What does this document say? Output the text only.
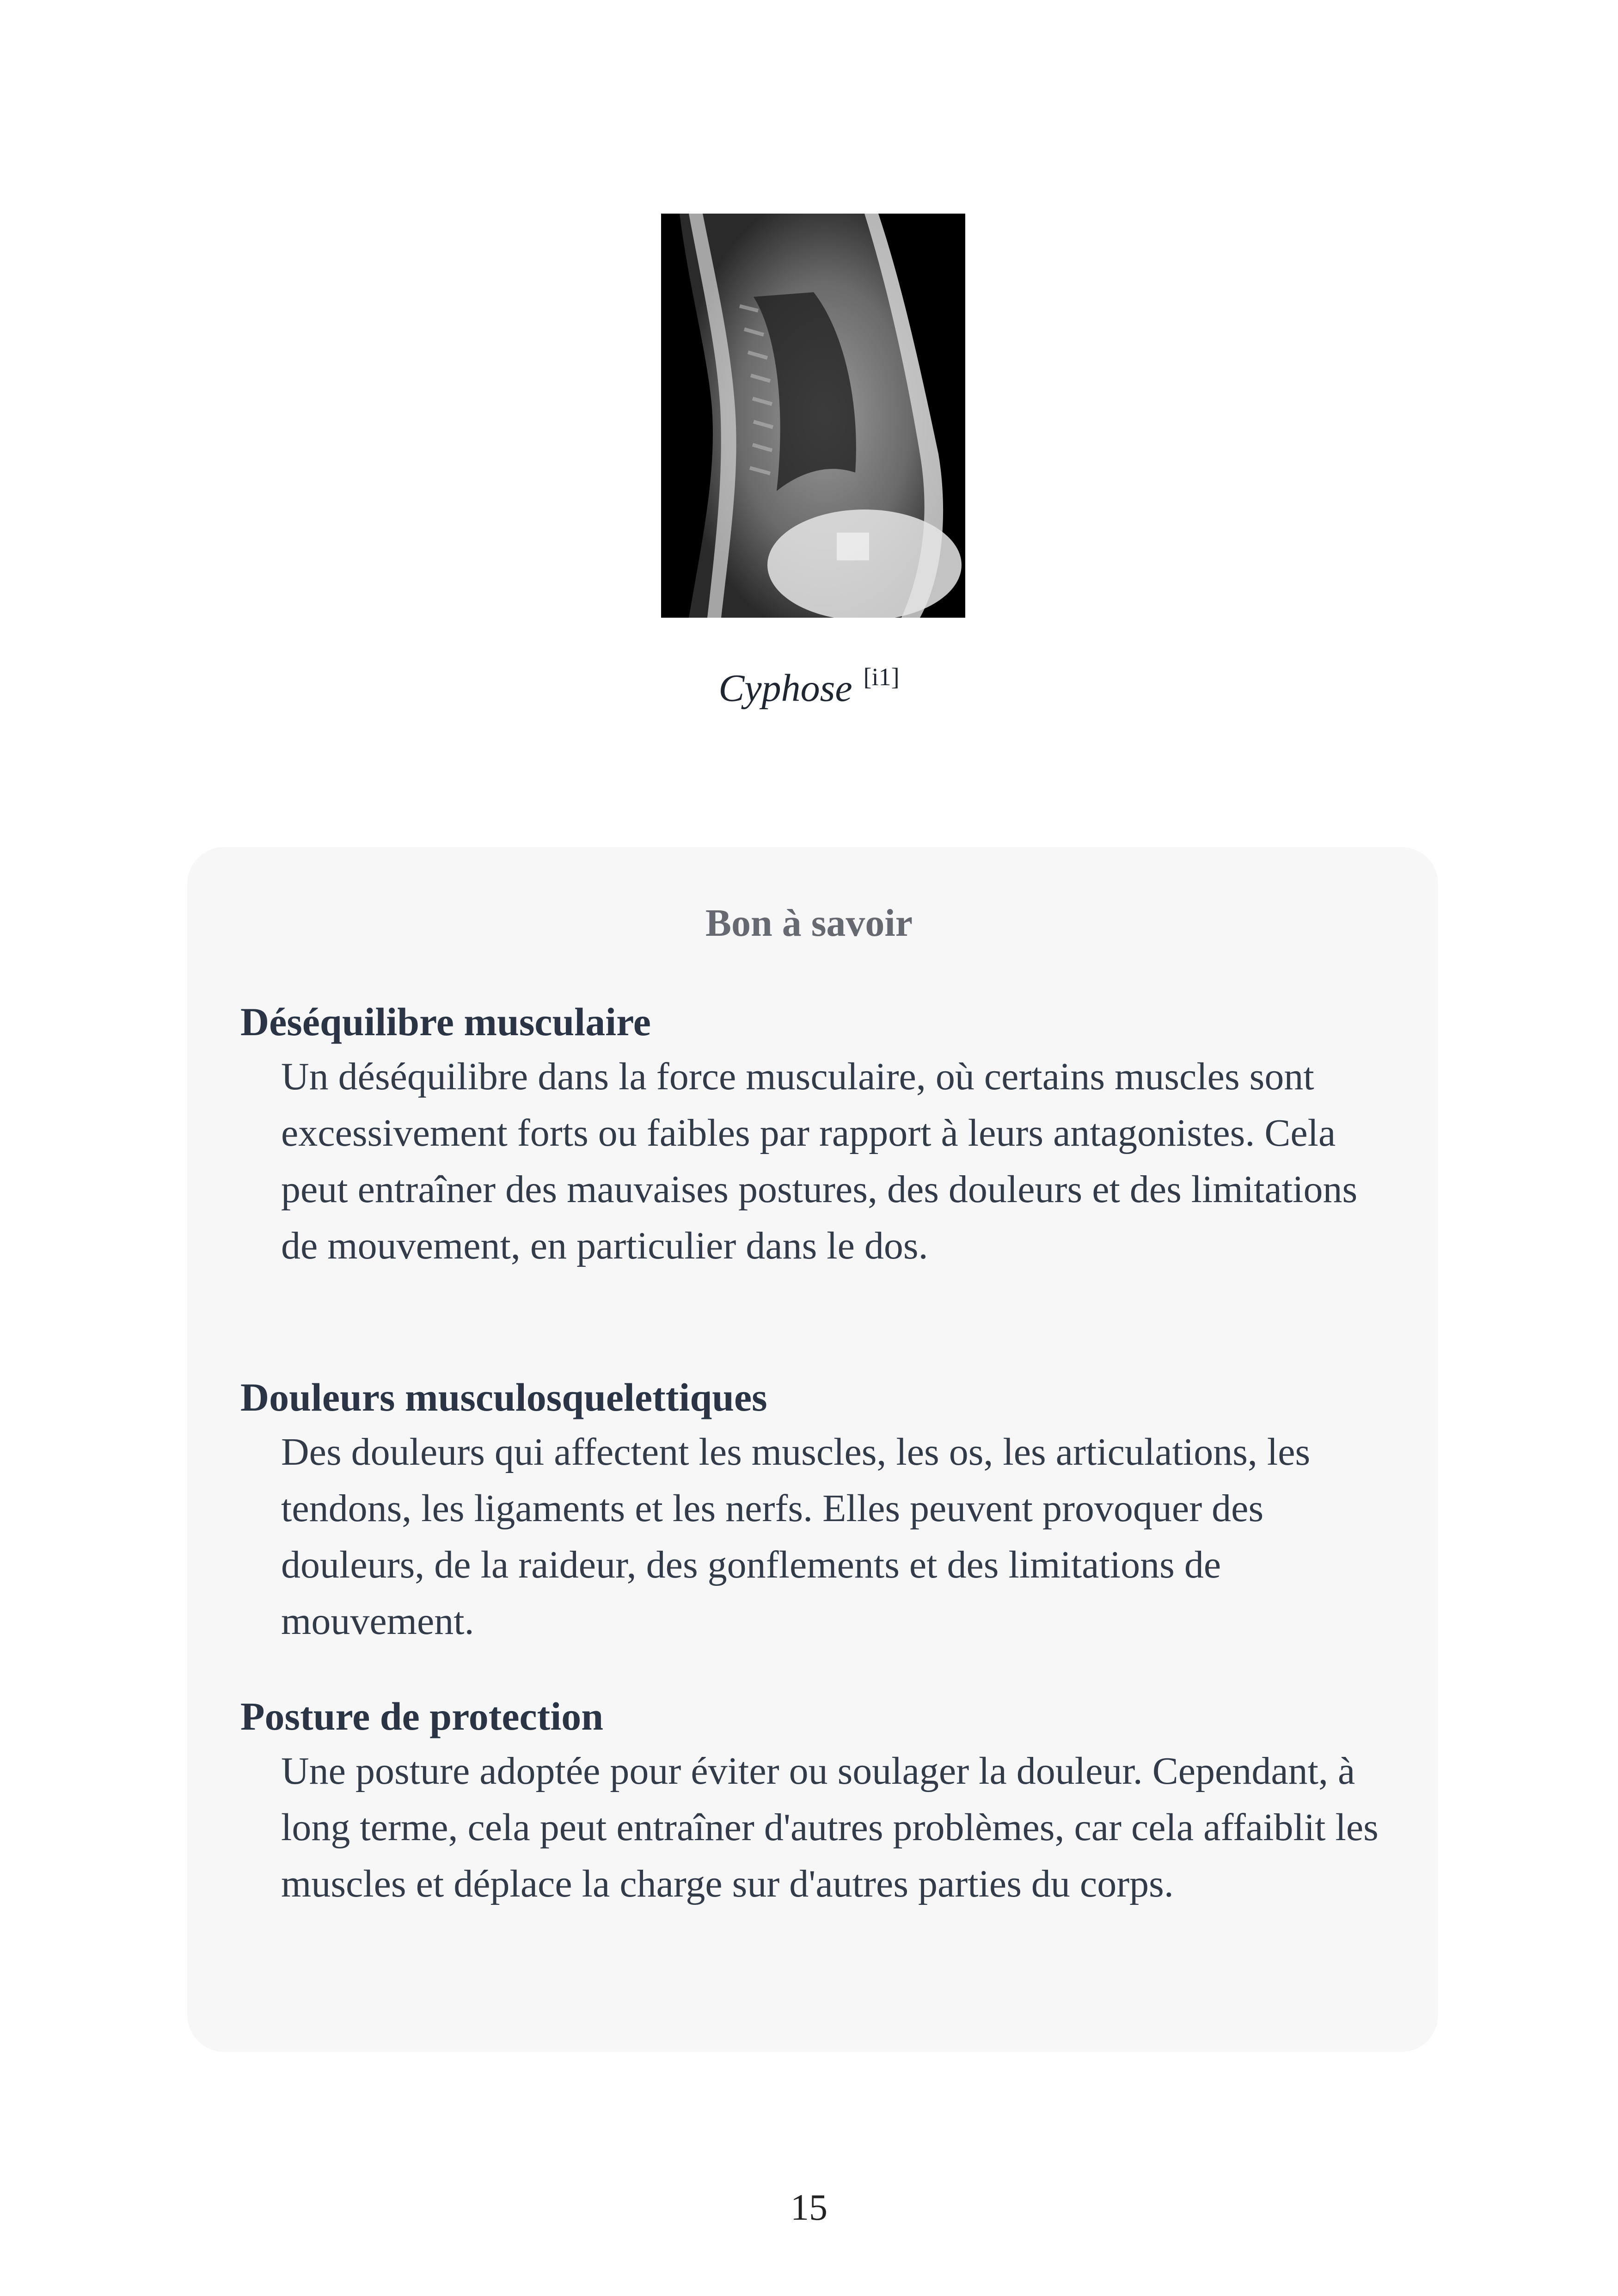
Cyphose [i1]
Bon à savoir
Déséquilibre musculaire
Un déséquilibre dans la force musculaire, où certains muscles sont excessivement forts ou faibles par rapport à leurs antagonistes. Cela peut entraîner des mauvaises postures, des douleurs et des limitations de mouvement, en particulier dans le dos.
Douleurs musculosquelettiques
Des douleurs qui affectent les muscles, les os, les articulations, les tendons, les ligaments et les nerfs. Elles peuvent provoquer des douleurs, de la raideur, des gonflements et des limitations de mouvement.
Posture de protection
Une posture adoptée pour éviter ou soulager la douleur. Cependant, à long terme, cela peut entraîner d'autres problèmes, car cela affaiblit les muscles et déplace la charge sur d'autres parties du corps.
15
